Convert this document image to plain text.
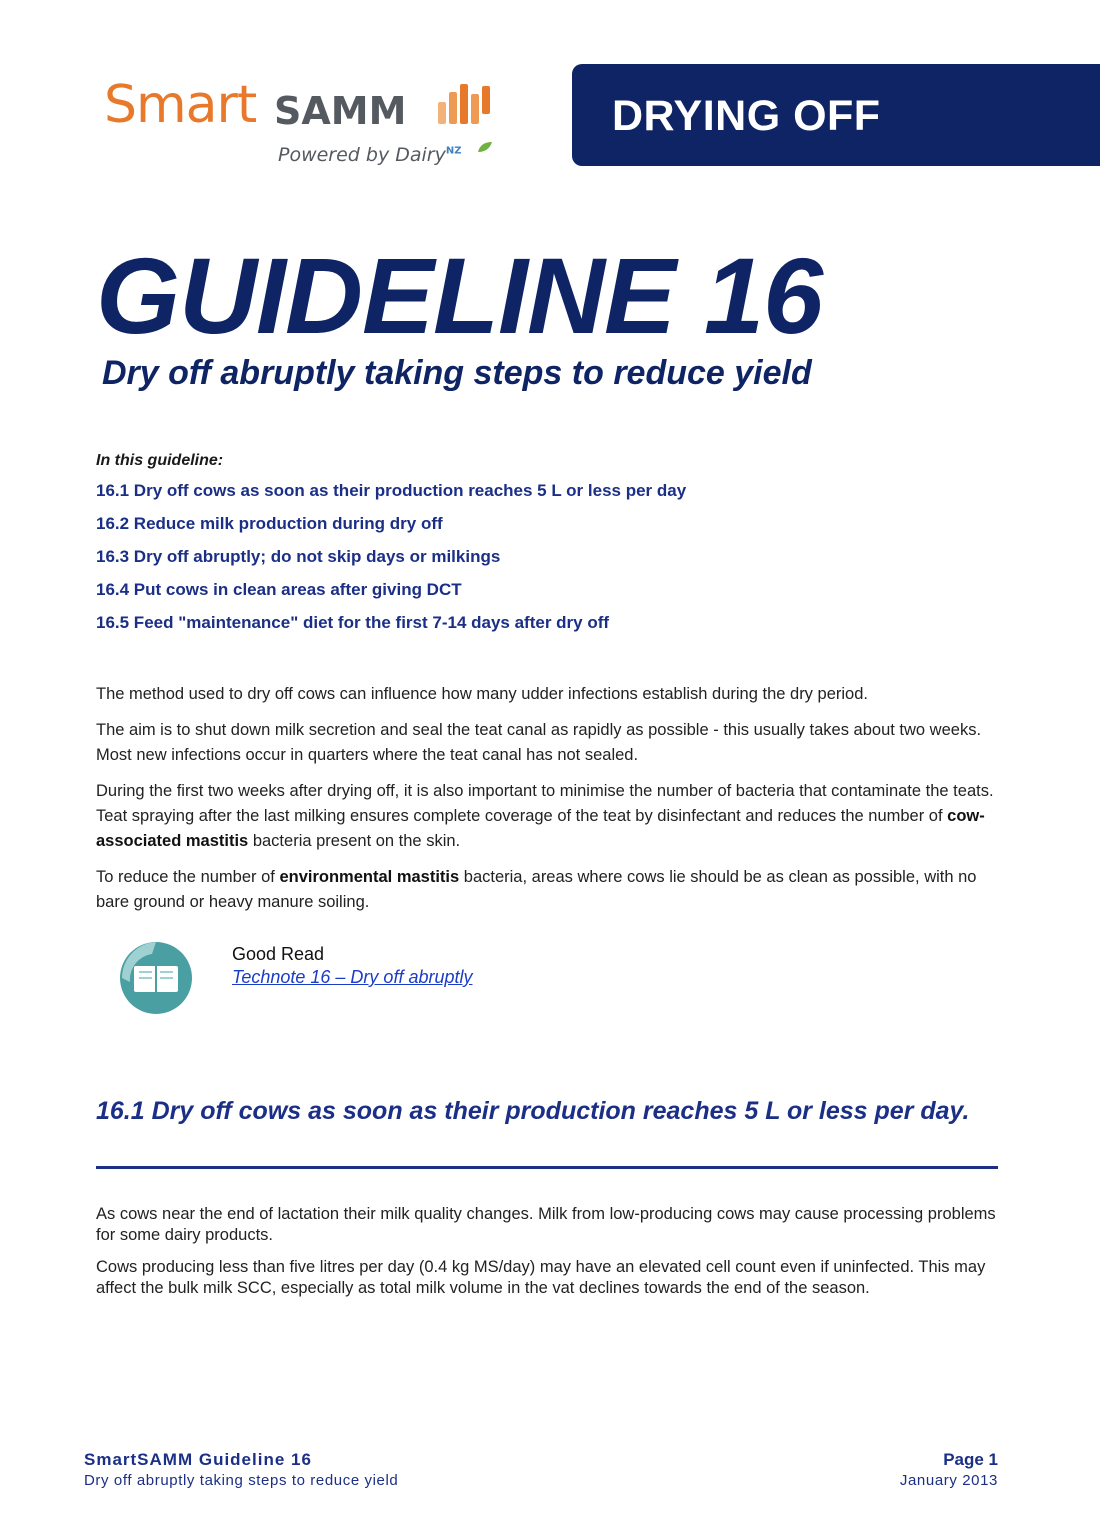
Smart SAMM
Powered by Dairy$^{NZ}$
DRYING OFF
GUIDELINE 16
Dry off abruptly taking steps to reduce yield
In this guideline:
16.1 Dry off cows as soon as their production reaches 5 L or less per day
16.2 Reduce milk production during dry off
16.3 Dry off abruptly; do not skip days or milkings
16.4 Put cows in clean areas after giving DCT
16.5 Feed "maintenance" diet for the first 7-14 days after dry off

The method used to dry off cows can influence how many udder infections establish during the dry period.

The aim is to shut down milk secretion and seal the teat canal as rapidly as possible - this usually takes about two weeks. Most new infections occur in quarters where the teat canal has not sealed.

During the first two weeks after drying off, it is also important to minimise the number of bacteria that contaminate the teats. Teat spraying after the last milking ensures complete coverage of the teat by disinfectant and reduces the number of cow-associated mastitis bacteria present on the skin.

To reduce the number of environmental mastitis bacteria, areas where cows lie should be as clean as possible, with no bare ground or heavy manure soiling.

Good Read
Technote 16 – Dry off abruptly
16.1 Dry off cows as soon as their production reaches 5 L or less per day.

As cows near the end of lactation their milk quality changes. Milk from low-producing cows may cause processing problems for some dairy products.

Cows producing less than five litres per day (0.4 kg MS/day) may have an elevated cell count even if uninfected. This may affect the bulk milk SCC, especially as total milk volume in the vat declines towards the end of the season.

SmartSAMM Guideline 16
Dry off abruptly taking steps to reduce yield
Page 1
January 2013
